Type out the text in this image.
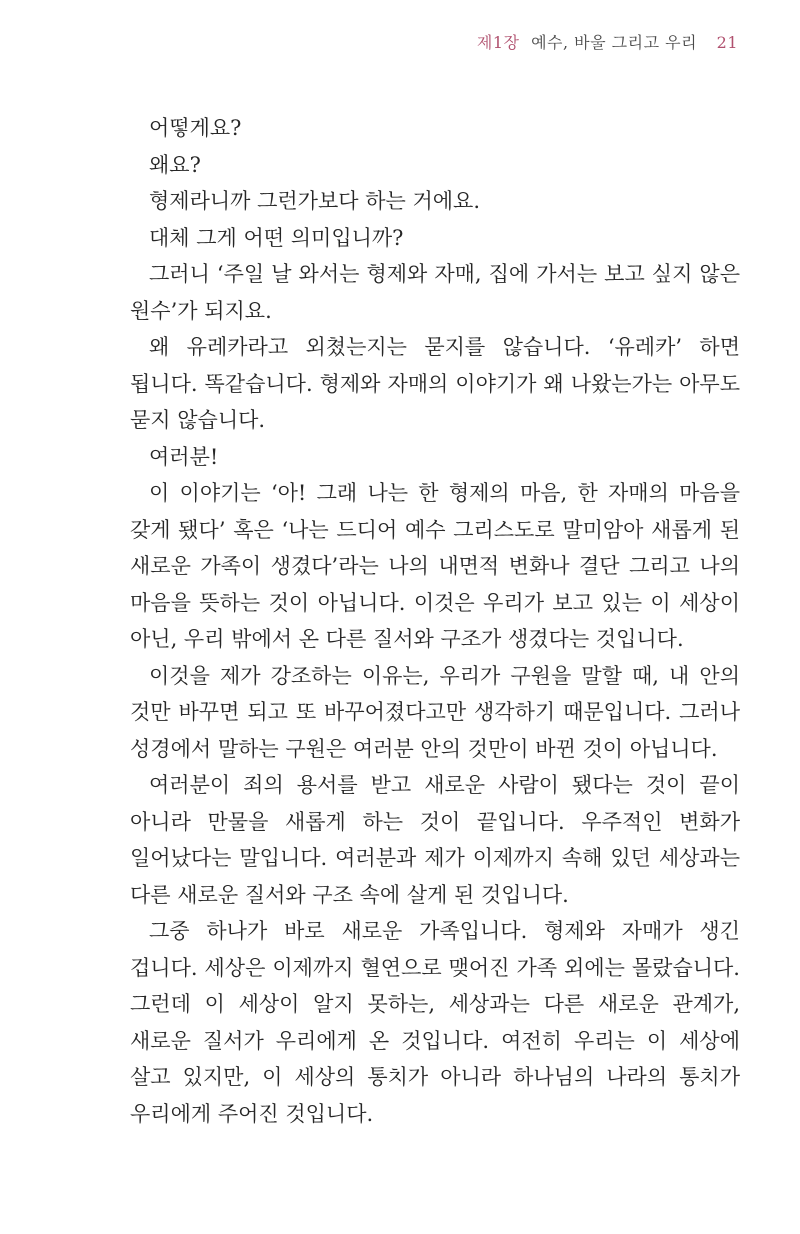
제1장 예수, 바울 그리고 우리 21

어떻게요?

왜요?

형제라니까 그런가보다 하는 거에요.

대체 그게 어떤 의미입니까?

그러니 ‘주일 날 와서는 형제와 자매, 집에 가서는 보고 싶지 않은 원수’가 되지요.

왜 유레카라고 외쳤는지는 묻지를 않습니다. ‘유레카’ 하면 됩니다. 똑같습니다. 형제와 자매의 이야기가 왜 나왔는가는 아무도 묻지 않습니다.

여러분!

이 이야기는 ‘아! 그래 나는 한 형제의 마음, 한 자매의 마음을 갖게 됐다’ 혹은 ‘나는 드디어 예수 그리스도로 말미암아 새롭게 된 새로운 가족이 생겼다’라는 나의 내면적 변화나 결단 그리고 나의 마음을 뜻하는 것이 아닙니다. 이것은 우리가 보고 있는 이 세상이 아닌, 우리 밖에서 온 다른 질서와 구조가 생겼다는 것입니다.

이것을 제가 강조하는 이유는, 우리가 구원을 말할 때, 내 안의 것만 바꾸면 되고 또 바꾸어졌다고만 생각하기 때문입니다. 그러나 성경에서 말하는 구원은 여러분 안의 것만이 바뀐 것이 아닙니다.

여러분이 죄의 용서를 받고 새로운 사람이 됐다는 것이 끝이 아니라 만물을 새롭게 하는 것이 끝입니다. 우주적인 변화가 일어났다는 말입니다. 여러분과 제가 이제까지 속해 있던 세상과는 다른 새로운 질서와 구조 속에 살게 된 것입니다.

그중 하나가 바로 새로운 가족입니다. 형제와 자매가 생긴 겁니다. 세상은 이제까지 혈연으로 맺어진 가족 외에는 몰랐습니다. 그런데 이 세상이 알지 못하는, 세상과는 다른 새로운 관계가, 새로운 질서가 우리에게 온 것입니다. 여전히 우리는 이 세상에 살고 있지만, 이 세상의 통치가 아니라 하나님의 나라의 통치가 우리에게 주어진 것입니다.
